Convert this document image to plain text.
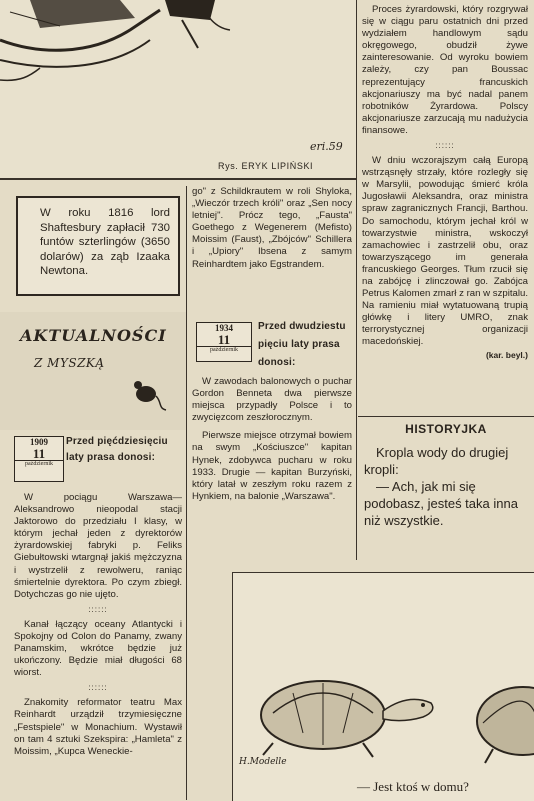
eri.59
Rys. ERYK LIPIŃSKI
W roku 1816 lord Shaftesbury zapłacił 730 funtów szterlingów (3650 dolarów) za ząb Izaaka Newtona.
AKTUALNOŚCI
Z MYSZKĄ
1909
11
październik
Przed pięćdziesięciu laty prasa donosi:

W pociągu Warszawa—Aleksandrowo nieopodal stacji Jaktorowo do przedziału I klasy, w którym jechał jeden z dyrektorów żyrardowskiej fabryki p. Feliks Giebułtowski wtargnął jakiś mężczyzna i wystrzelił z rewolweru, raniąc śmiertelnie dyrektora. Po czym zbiegł. Dotychczas go nie ujęto.

::::::

Kanał łączący oceany Atlantycki i Spokojny od Colon do Panamy, zwany Panamskim, wkrótce będzie już ukończony. Będzie miał długości 68 wiorst.

::::::

Znakomity reformator teatru Max Reinhardt urządził trzymiesięczne „Festspiele" w Monachium. Wystawił on tam 4 sztuki Szekspira: „Hamleta" z Moissim, „Kupca Weneckie-

go" z Schildkrautem w roli Shyloka, „Wieczór trzech króli" oraz „Sen nocy letniej". Prócz tego, „Fausta" Goethego z Wegenerem (Mefisto) Moissim (Faust), „Zbójców" Schillera i „Upiory" Ibsena z samym Reinhardtem jako Egstrandem.

1934
11
październik
Przed dwudziestu pięciu laty prasa donosi:

W zawodach balonowych o puchar Gordon Benneta dwa pierwsze miejsca przypadły Polsce i to zwycięzcom zeszłorocznym.

Pierwsze miejsce otrzymał bowiem na swym „Kościuszce" kapitan Hynek, zdobywca pucharu w roku 1933. Drugie — kapitan Burzyński, który latał w zeszłym roku razem z Hynkiem, na balonie „Warszawa".

Proces żyrardowski, który rozgrywał się w ciągu paru ostatnich dni przed wydziałem handlowym sądu okręgowego, obudził żywe zainteresowanie. Od wyroku bowiem zależy, czy pan Boussac reprezentujący francuskich akcjonariuszy ma być nadal panem robotników Żyrardowa. Polscy akcjonariusze zarzucają mu nadużycia finansowe.

::::::

W dniu wczorajszym całą Europą wstrząsnęły strzały, które rozległy się w Marsylii, powodując śmierć króla Jugosławii Aleksandra, oraz ministra spraw zagranicznych Francji, Barthou. Do samochodu, którym jechał król w towarzystwie ministra, wskoczył zamachowiec i zastrzelił obu, oraz towarzyszącego im generała francuskiego Georges. Tłum rzucił się na zabójcę i zlinczował go. Zabójca Petrus Kalomen zmarł z ran w szpitalu. Na ramieniu miał wytatuowaną trupią główkę i litery UMRO, znak terrorystycznej organizacji macedońskiej.

(kar. beyl.)
HISTORYJKA

Kropla wody do drugiej kropli:

— Ach, jak mi się podobasz, jesteś taka inna niż wszystkie.

H.Modelle
— Jest ktoś w domu?
